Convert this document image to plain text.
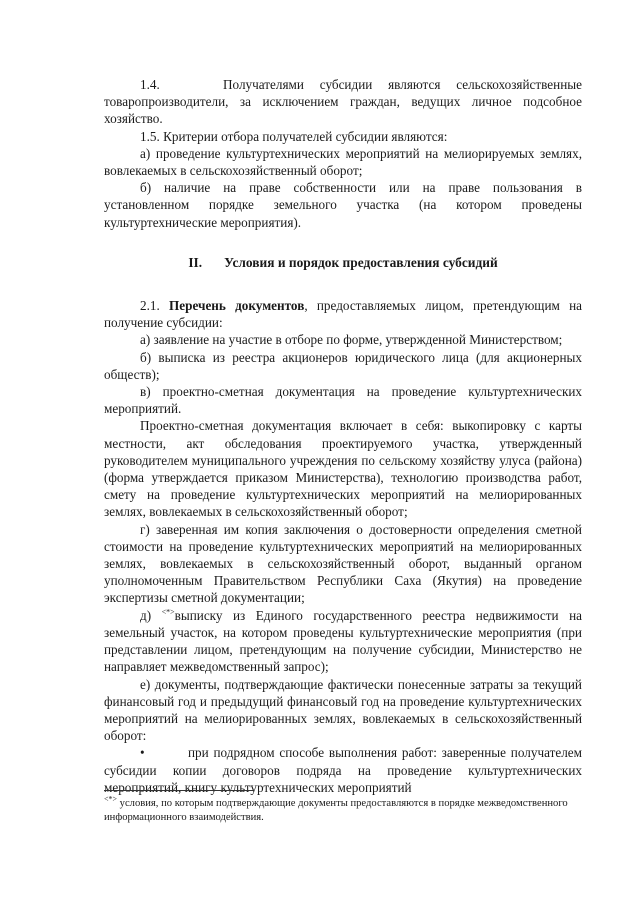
1.4.    Получателями субсидии являются сельскохозяйственные товаропроизводители, за исключением граждан, ведущих личное подсобное хозяйство.

1.5. Критерии отбора получателей субсидии являются:

а) проведение культуртехнических мероприятий на мелиорируемых землях, вовлекаемых в сельскохозяйственный оборот;

б) наличие на праве собственности или на праве пользования в установленном порядке земельного участка (на котором проведены культуртехнические мероприятия).

II. Условия и порядок предоставления субсидий

2.1. Перечень документов, предоставляемых лицом, претендующим на получение субсидии:

а) заявление на участие в отборе по форме, утвержденной Министерством;

б) выписка из реестра акционеров юридического лица (для акционерных обществ);

в) проектно-сметная документация на проведение культуртехнических мероприятий.

Проектно-сметная документация включает в себя: выкопировку с карты местности, акт обследования проектируемого участка, утвержденный руководителем муниципального учреждения по сельскому хозяйству улуса (района) (форма утверждается приказом Министерства), технологию производства работ, смету на проведение культуртехнических мероприятий на мелиорированных землях, вовлекаемых в сельскохозяйственный оборот;

г) заверенная им копия заключения о достоверности определения сметной стоимости на проведение культуртехнических мероприятий на мелиорированных землях, вовлекаемых в сельскохозяйственный оборот, выданный органом уполномоченным Правительством Республики Саха (Якутия) на проведение экспертизы сметной документации;

д) <*>выписку из Единого государственного реестра недвижимости на земельный участок, на котором проведены культуртехнические мероприятия (при представлении лицом, претендующим на получение субсидии, Министерство не направляет межведомственный запрос);

е) документы, подтверждающие фактически понесенные затраты за текущий финансовый год и предыдущий финансовый год на проведение культуртехнических мероприятий на мелиорированных землях, вовлекаемых в сельскохозяйственный оборот:

•	при подрядном способе выполнения работ: заверенные получателем субсидии копии договоров подряда на проведение культуртехнических мероприятий, книгу культуртехнических мероприятий

<*> условия, по которым подтверждающие документы предоставляются в порядке межведомственного информационного взаимодействия.
